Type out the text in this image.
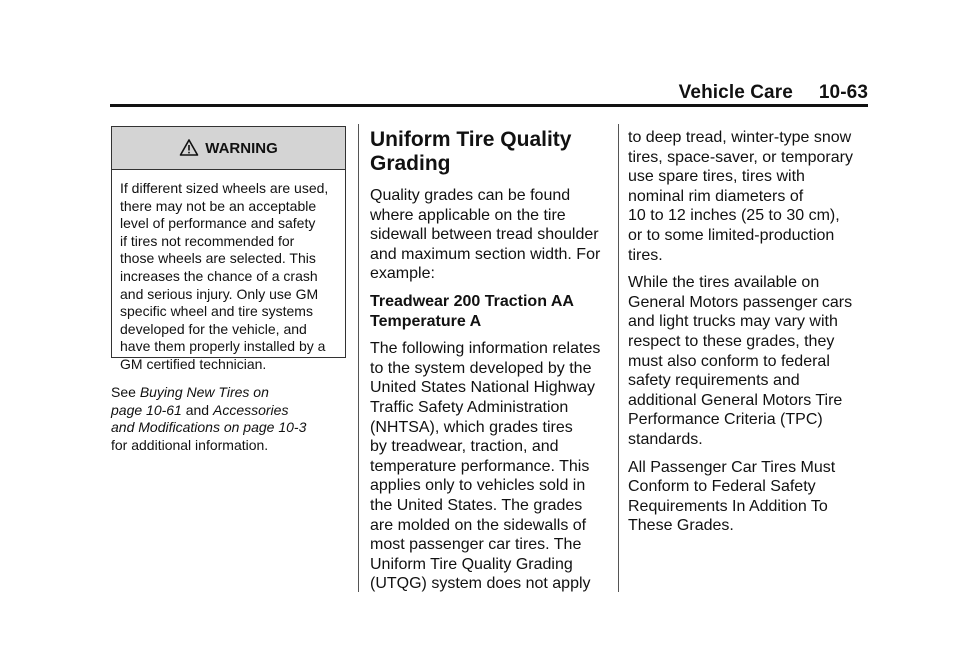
Vehicle Care 10-63
WARNING
If different sized wheels are used,
there may not be an acceptable
level of performance and safety
if tires not recommended for
those wheels are selected. This
increases the chance of a crash
and serious injury. Only use GM
specific wheel and tire systems
developed for the vehicle, and
have them properly installed by a
GM certified technician.
See Buying New Tires on
page 10-61 and Accessories
and Modifications on page 10-3
for additional information.
Uniform Tire Quality
Grading
Quality grades can be found
where applicable on the tire
sidewall between tread shoulder
and maximum section width. For
example:
Treadwear 200 Traction AA
Temperature A
The following information relates
to the system developed by the
United States National Highway
Traffic Safety Administration
(NHTSA), which grades tires
by treadwear, traction, and
temperature performance. This
applies only to vehicles sold in
the United States. The grades
are molded on the sidewalls of
most passenger car tires. The
Uniform Tire Quality Grading
(UTQG) system does not apply
to deep tread, winter-type snow
tires, space-saver, or temporary
use spare tires, tires with
nominal rim diameters of
10 to 12 inches (25 to 30 cm),
or to some limited-production
tires.
While the tires available on
General Motors passenger cars
and light trucks may vary with
respect to these grades, they
must also conform to federal
safety requirements and
additional General Motors Tire
Performance Criteria (TPC)
standards.
All Passenger Car Tires Must
Conform to Federal Safety
Requirements In Addition To
These Grades.
